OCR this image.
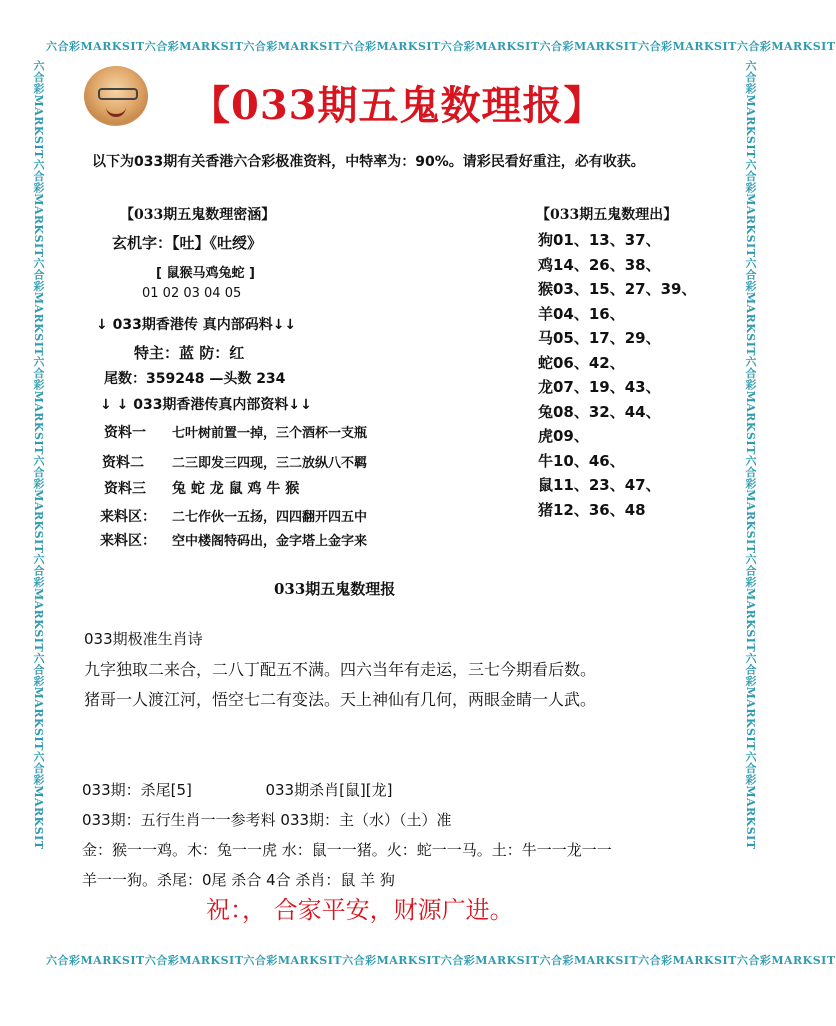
六合彩MARKSIT六合彩MARKSIT六合彩MARKSIT六合彩MARKSIT六合彩MARKSIT六合彩MARKSIT六合彩MARKSIT六合彩MARKSIT
六合彩MARKSIT六合彩MARKSIT六合彩MARKSIT六合彩MARKSIT六合彩MARKSIT六合彩MARKSIT六合彩MARKSIT六合彩MARKSIT
六合彩MARKSIT六合彩MARKSIT六合彩MARKSIT六合彩MARKSIT六合彩MARKSIT六合彩MARKSIT六合彩MARKSIT六合彩MARKSIT	六合彩MARKSIT六合彩MARKSIT六合彩MARKSIT六合彩MARKSIT六合彩MARKSIT六合彩MARKSIT六合彩MARKSIT六合彩MARKSIT
【033期五鬼数理报】
以下为033期有关香港六合彩极准资料，中特率为：90%。请彩民看好重注，必有收获。
【033期五鬼数理密涵】
玄机字：【吐】《吐绶》
[ 鼠猴马鸡兔蛇 ]
01 02 03 04 05
↓ 033期香港传 真内部码料↓↓
特主：蓝 防：红
尾数：359248 —头数 234
↓ ↓ 033期香港传真内部资料↓↓
资料一 七叶树前置一掉，三个酒杯一支瓶
资料二 二三即发三四现，三二放纵八不羁
资料三 兔 蛇 龙 鼠 鸡 牛 猴
来料区： 二七作伙一五扬，四四翻开四五中
来料区： 空中楼阁特码出，金字塔上金字来
【033期五鬼数理出】
狗01、13、37、
鸡14、26、38、
猴03、15、27、39、
羊04、16、
马05、17、29、
蛇06、42、
龙07、19、43、
兔08、32、44、
虎09、
牛10、46、
鼠11、23、47、
猪12、36、48
033期五鬼数理报
033期极准生肖诗
九字独取二来合，二八丁配五不满。四六当年有走运，三七今期看后数。
猪哥一人渡江河，悟空七二有变法。天上神仙有几何，两眼金睛一人武。
033期：杀尾[5]	033期杀肖[鼠][龙]
033期：五行生肖一一参考料 033期：主（水）（土）准
金：猴一一鸡。木：兔一一虎 水：鼠一一猪。火：蛇一一马。土：牛一一龙一一
羊一一狗。杀尾：0尾 杀合 4合 杀肖：鼠 羊 狗
祝：， 合家平安，财源广进。
